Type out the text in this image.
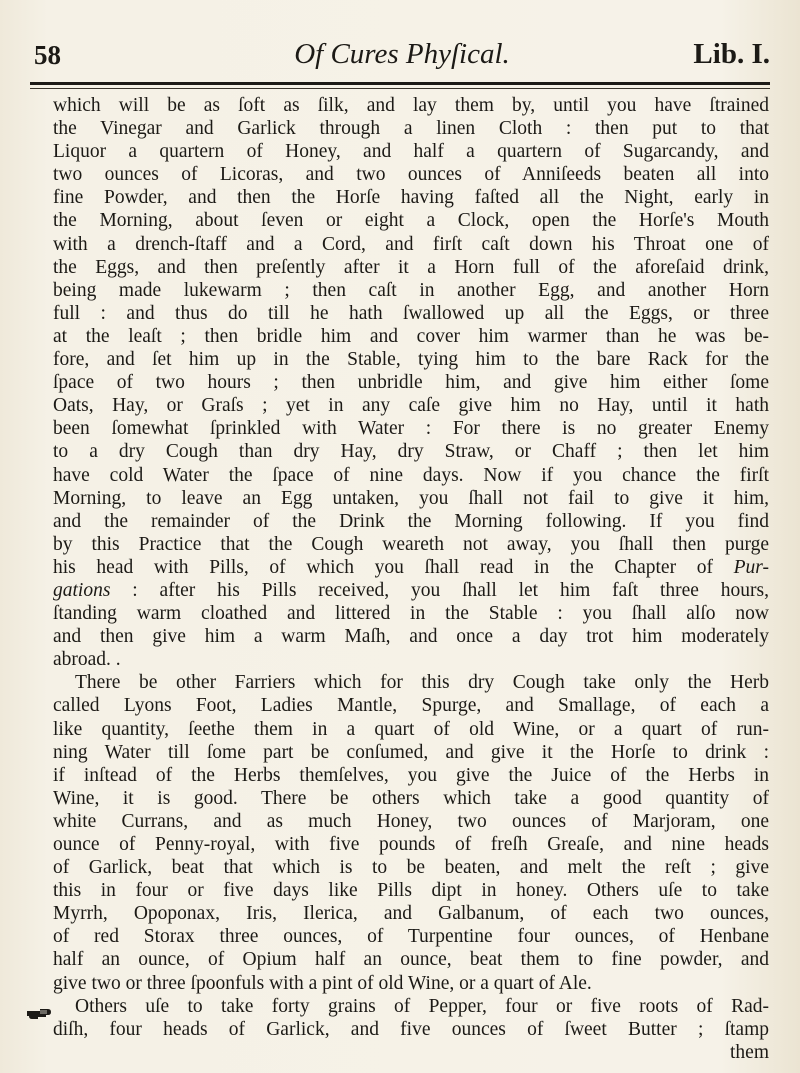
58	Of Cures Phyſical.	Lib. I.
which will be as ſoft as ſilk, and lay them by, until you have ſtrained
the Vinegar and Garlick through a linen Cloth : then put to that
Liquor a quartern of Honey, and half a quartern of Sugarcandy, and
two ounces of Licoras, and two ounces of Anniſeeds beaten all into
fine Powder, and then the Horſe having faſted all the Night, early in
the Morning, about ſeven or eight a Clock, open the Horſe's Mouth
with a drench-ſtaff and a Cord, and firſt caſt down his Throat one of
the Eggs, and then preſently after it a Horn full of the aforeſaid drink,
being made lukewarm ; then caſt in another Egg, and another Horn
full : and thus do till he hath ſwallowed up all the Eggs, or three
at the leaſt ; then bridle him and cover him warmer than he was be-
fore, and ſet him up in the Stable, tying him to the bare Rack for the
ſpace of two hours ; then unbridle him, and give him either ſome
Oats, Hay, or Graſs ; yet in any caſe give him no Hay, until it hath
been ſomewhat ſprinkled with Water : For there is no greater Enemy
to a dry Cough than dry Hay, dry Straw, or Chaff ; then let him
have cold Water the ſpace of nine days. Now if you chance the firſt
Morning, to leave an Egg untaken, you ſhall not fail to give it him,
and the remainder of the Drink the Morning following. If you find
by this Practice that the Cough weareth not away, you ſhall then purge
his head with Pills, of which you ſhall read in the Chapter of Pur-
gations : after his Pills received, you ſhall let him faſt three hours,
ſtanding warm cloathed and littered in the Stable : you ſhall alſo now
and then give him a warm Maſh, and once a day trot him moderately
abroad. .
There be other Farriers which for this dry Cough take only the Herb
called Lyons Foot, Ladies Mantle, Spurge, and Smallage, of each a
like quantity, ſeethe them in a quart of old Wine, or a quart of run-
ning Water till ſome part be conſumed, and give it the Horſe to drink :
if inſtead of the Herbs themſelves, you give the Juice of the Herbs in
Wine, it is good. There be others which take a good quantity of
white Currans, and as much Honey, two ounces of Marjoram, one
ounce of Penny-royal, with five pounds of freſh Greaſe, and nine heads
of Garlick, beat that which is to be beaten, and melt the reſt ; give
this in four or five days like Pills dipt in honey. Others uſe to take
Myrrh, Opoponax, Iris, Ilerica, and Galbanum, of each two ounces,
of red Storax three ounces, of Turpentine four ounces, of Henbane
half an ounce, of Opium half an ounce, beat them to fine powder, and
give two or three ſpoonfuls with a pint of old Wine, or a quart of Ale.
Others uſe to take forty grains of Pepper, four or five roots of Rad-
diſh, four heads of Garlick, and five ounces of ſweet Butter ; ſtamp
them
